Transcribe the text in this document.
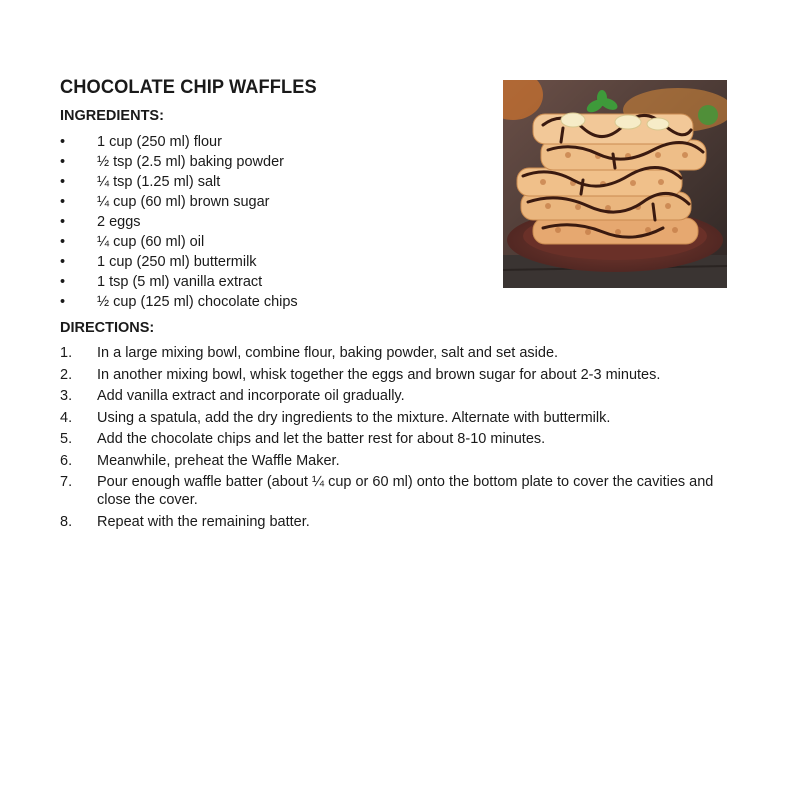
CHOCOLATE CHIP WAFFLES
INGREDIENTS:
• 1 cup (250 ml) flour
• ½ tsp (2.5 ml) baking powder
• ¼ tsp (1.25 ml) salt
• ¼ cup (60 ml) brown sugar
• 2 eggs
• ¼ cup (60 ml) oil
• 1 cup (250 ml) buttermilk
• 1 tsp (5 ml) vanilla extract
• ½ cup (125 ml) chocolate chips
DIRECTIONS:
1. In a large mixing bowl, combine flour, baking powder, salt and set aside.
2. In another mixing bowl, whisk together the eggs and brown sugar for about 2-3 minutes.
3. Add vanilla extract and incorporate oil gradually.
4. Using a spatula, add the dry ingredients to the mixture. Alternate with buttermilk.
5. Add the chocolate chips and let the batter rest for about 8-10 minutes.
6. Meanwhile, preheat the Waffle Maker.
7. Pour enough waffle batter (about ¼ cup or 60 ml) onto the bottom plate to cover the cavities and close the cover.
8. Repeat with the remaining batter.
